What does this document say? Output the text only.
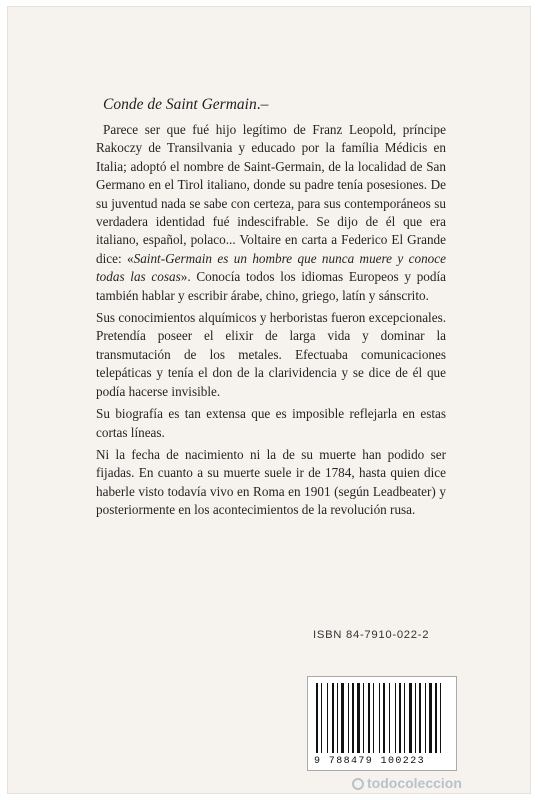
Conde de Saint Germain.–

Parece ser que fué hijo legítimo de Franz Leopold, príncipe Rakoczy de Transilvania y educado por la família Médicis en Italia; adoptó el nombre de Saint-Germain, de la localidad de San Germano en el Tirol italiano, donde su padre tenía posesiones. De su juventud nada se sabe con certeza, para sus contemporáneos su verdadera identidad fué indescifrable. Se dijo de él que era italiano, español, polaco... Voltaire en carta a Federico El Grande dice: «Saint-Germain es un hombre que nunca muere y conoce todas las cosas». Conocía todos los idiomas Europeos y podía también hablar y escribir árabe, chino, griego, latín y sánscrito.

Sus conocimientos alquímicos y herboristas fueron excepcionales. Pretendía poseer el elixir de larga vida y dominar la transmutación de los metales. Efectuaba comunicaciones telepáticas y tenía el don de la clarividencia y se dice de él que podía hacerse invisible.

Su biografía es tan extensa que es imposible reflejarla en estas cortas líneas.

Ni la fecha de nacimiento ni la de su muerte han podido ser fijadas. En cuanto a su muerte suele ir de 1784, hasta quien dice haberle visto todavía vivo en Roma en 1901 (según Leadbeater) y posteriormente en los acontecimientos de la revolución rusa.

ISBN 84-7910-022-2
9 788479 100223
todocoleccion
